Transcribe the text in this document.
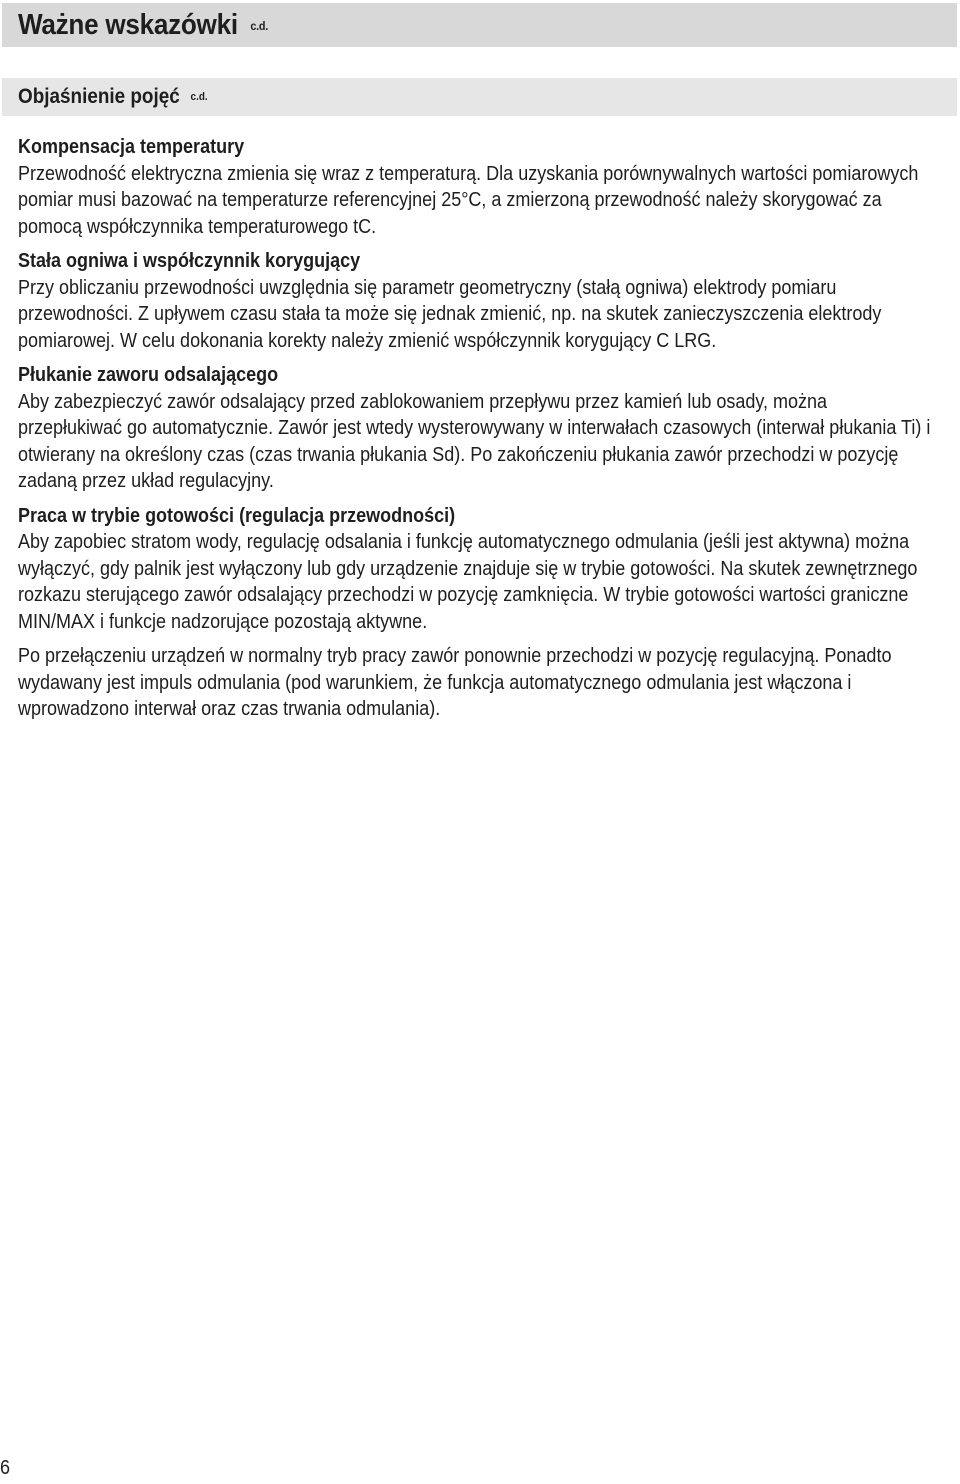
Ważne wskazówki c.d.
Objaśnienie pojęć c.d.
Kompensacja temperatury

Przewodność elektryczna zmienia się wraz z temperaturą. Dla uzyskania porównywalnych wartości pomiarowych pomiar musi bazować na temperaturze referencyjnej 25°C, a zmierzoną przewodność należy skorygować za pomocą współczynnika temperaturowego tC.

Stała ogniwa i współczynnik korygujący

Przy obliczaniu przewodności uwzględnia się parametr geometryczny (stałą ogniwa) elektrody pomiaru przewodności. Z upływem czasu stała ta może się jednak zmienić, np. na skutek zanieczyszczenia elektrody pomiarowej. W celu dokonania korekty należy zmienić współczynnik korygujący C LRG.

Płukanie zaworu odsalającego

Aby zabezpieczyć zawór odsalający przed zablokowaniem przepływu przez kamień lub osady, można przepłukiwać go automatycznie. Zawór jest wtedy wysterowywany w interwałach czasowych (interwał płukania Ti) i otwierany na określony czas (czas trwania płukania Sd). Po zakończeniu płukania zawór przechodzi w pozycję zadaną przez układ regulacyjny.

Praca w trybie gotowości (regulacja przewodności)

Aby zapobiec stratom wody, regulację odsalania i funkcję automatycznego odmulania (jeśli jest aktywna) można wyłączyć, gdy palnik jest wyłączony lub gdy urządzenie znajduje się w trybie gotowości. Na skutek zewnętrznego rozkazu sterującego zawór odsalający przechodzi w pozycję zamknięcia. W trybie gotowości wartości graniczne MIN/MAX i funkcje nadzorujące pozostają aktywne.

Po przełączeniu urządzeń w normalny tryb pracy zawór ponownie przechodzi w pozycję regulacyjną. Ponadto wydawany jest impuls odmulania (pod warunkiem, że funkcja automatycznego odmulania jest włączona i wprowadzono interwał oraz czas trwania odmulania).

6
